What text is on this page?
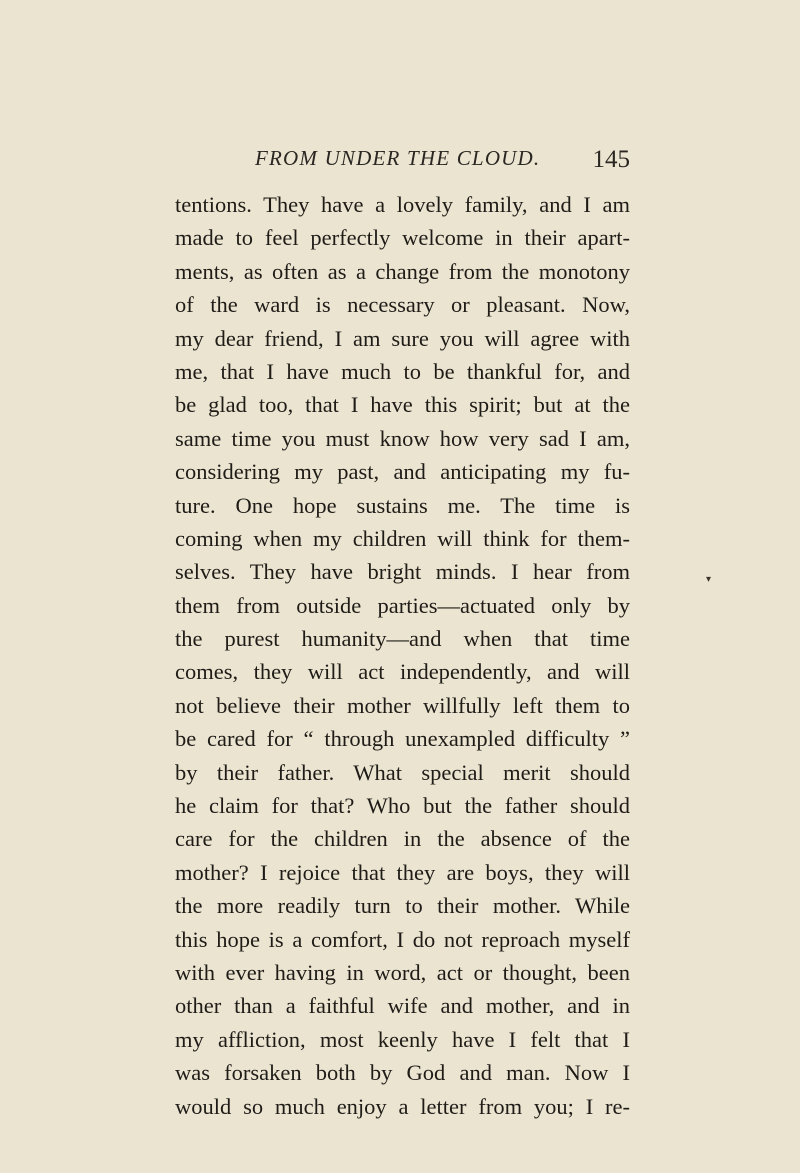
FROM UNDER THE CLOUD. 145
tentions. They have a lovely family, and I am
made to feel perfectly welcome in their apart-
ments, as often as a change from the monotony
of the ward is necessary or pleasant. Now,
my dear friend, I am sure you will agree with
me, that I have much to be thankful for, and
be glad too, that I have this spirit; but at the
same time you must know how very sad I am,
considering my past, and anticipating my fu-
ture. One hope sustains me. The time is
coming when my children will think for them-
selves. They have bright minds. I hear from
them from outside parties—actuated only by
the purest humanity—and when that time
comes, they will act independently, and will
not believe their mother willfully left them to
be cared for “ through unexampled difficulty ”
by their father. What special merit should
he claim for that? Who but the father should
care for the children in the absence of the
mother? I rejoice that they are boys, they will
the more readily turn to their mother. While
this hope is a comfort, I do not reproach myself
with ever having in word, act or thought, been
other than a faithful wife and mother, and in
my affliction, most keenly have I felt that I
was forsaken both by God and man. Now I
would so much enjoy a letter from you; I re-
▾
